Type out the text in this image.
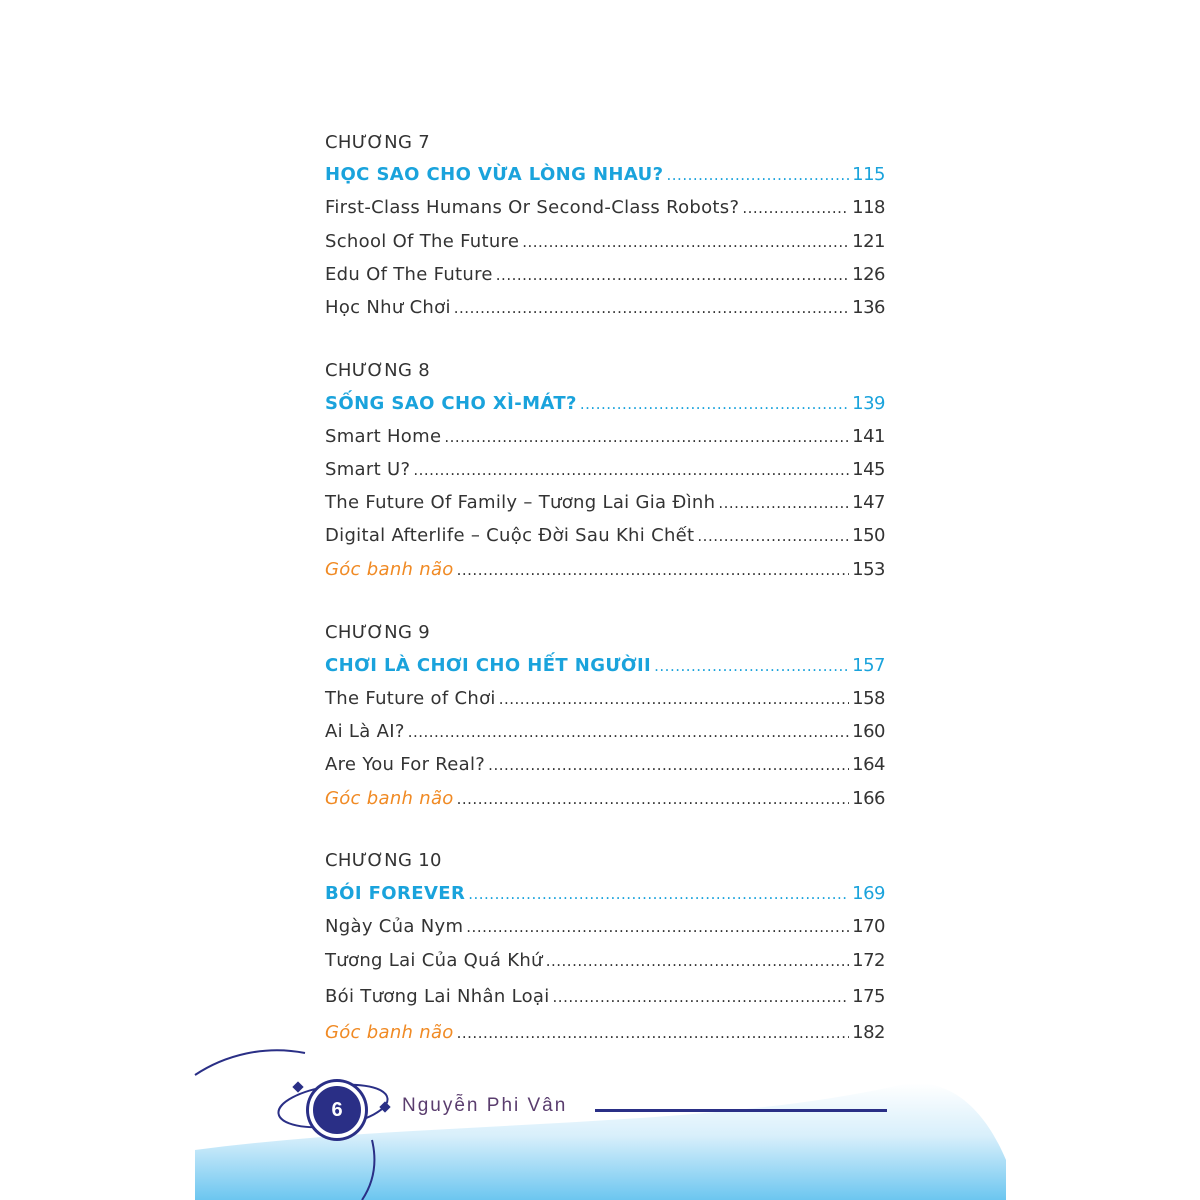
CHƯƠNG 7
HỌC SAO CHO VỪA LÒNG NHAU? .....	115
First-Class Humans Or Second-Class Robots? .....	118
School Of The Future .....	121
Edu Of The Future .....	126
Học Như Chơi .....	136
CHƯƠNG 8
SỐNG SAO CHO XÌ-MÁT? .....	139
Smart Home .....	141
Smart U? .....	145
The Future Of Family – Tương Lai Gia Đình .....	147
Digital Afterlife – Cuộc Đời Sau Khi Chết .....	150
Góc banh não .....	153
CHƯƠNG 9
CHƠI LÀ CHƠI CHO HẾT NGƯỜII .....	157
The Future of Chơi .....	158
Ai Là AI? .....	160
Are You For Real? .....	164
Góc banh não .....	166
CHƯƠNG 10
BÓI FOREVER .....	169
Ngày Của Nym .....	170
Tương Lai Của Quá Khứ .....	172
Bói Tương Lai Nhân Loại .....	175
Góc banh não .....	182
6	Nguyễn Phi Vân
